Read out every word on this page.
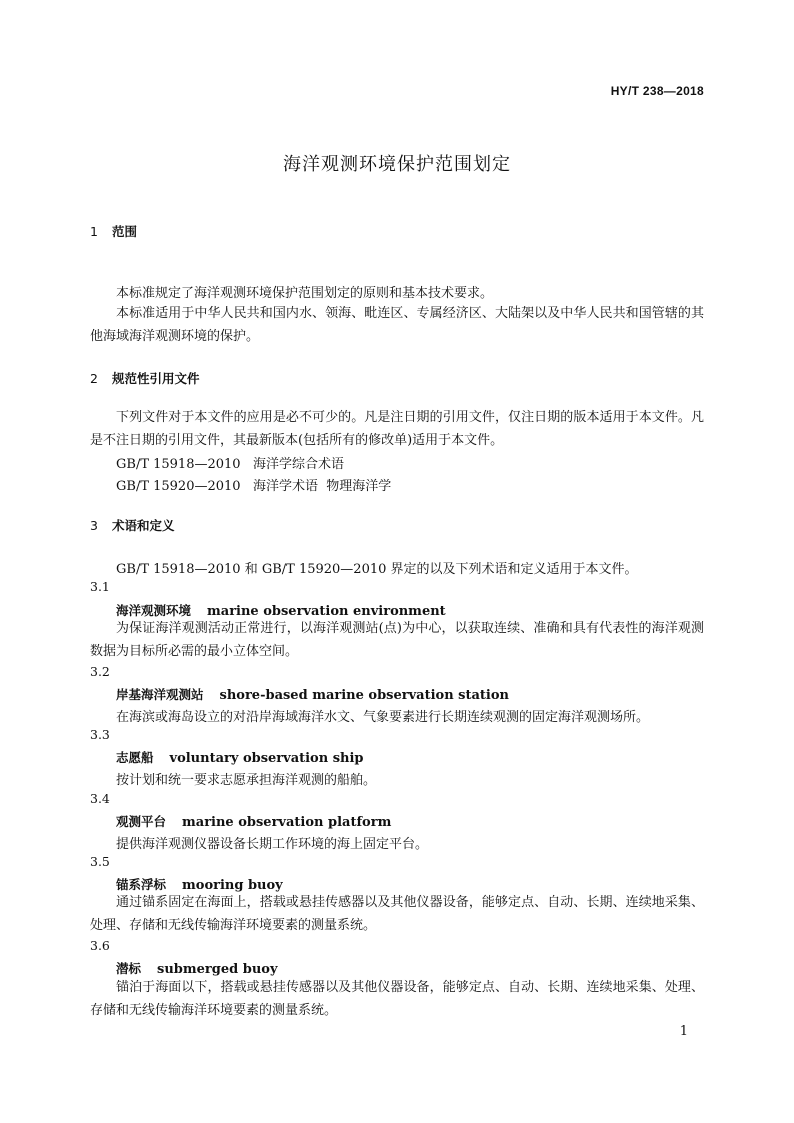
HY/T 238—2018
海洋观测环境保护范围划定
1 范围
本标准规定了海洋观测环境保护范围划定的原则和基本技术要求。
本标准适用于中华人民共和国内水、领海、毗连区、专属经济区、大陆架以及中华人民共和国管辖的其他海域海洋观测环境的保护。
2 规范性引用文件
下列文件对于本文件的应用是必不可少的。凡是注日期的引用文件，仅注日期的版本适用于本文件。凡是不注日期的引用文件，其最新版本(包括所有的修改单)适用于本文件。
GB/T 15918—2010   海洋学综合术语
GB/T 15920—2010   海洋学术语  物理海洋学
3 术语和定义
GB/T 15918—2010 和 GB/T 15920—2010 界定的以及下列术语和定义适用于本文件。
3.1
海洋观测环境 marine observation environment
为保证海洋观测活动正常进行，以海洋观测站(点)为中心，以获取连续、准确和具有代表性的海洋观测数据为目标所必需的最小立体空间。
3.2
岸基海洋观测站 shore-based marine observation station
在海滨或海岛设立的对沿岸海域海洋水文、气象要素进行长期连续观测的固定海洋观测场所。
3.3
志愿船 voluntary observation ship
按计划和统一要求志愿承担海洋观测的船舶。
3.4
观测平台 marine observation platform
提供海洋观测仪器设备长期工作环境的海上固定平台。
3.5
锚系浮标 mooring buoy
通过锚系固定在海面上，搭载或悬挂传感器以及其他仪器设备，能够定点、自动、长期、连续地采集、处理、存储和无线传输海洋环境要素的测量系统。
3.6
潜标 submerged buoy
锚泊于海面以下，搭载或悬挂传感器以及其他仪器设备，能够定点、自动、长期、连续地采集、处理、存储和无线传输海洋环境要素的测量系统。
1
